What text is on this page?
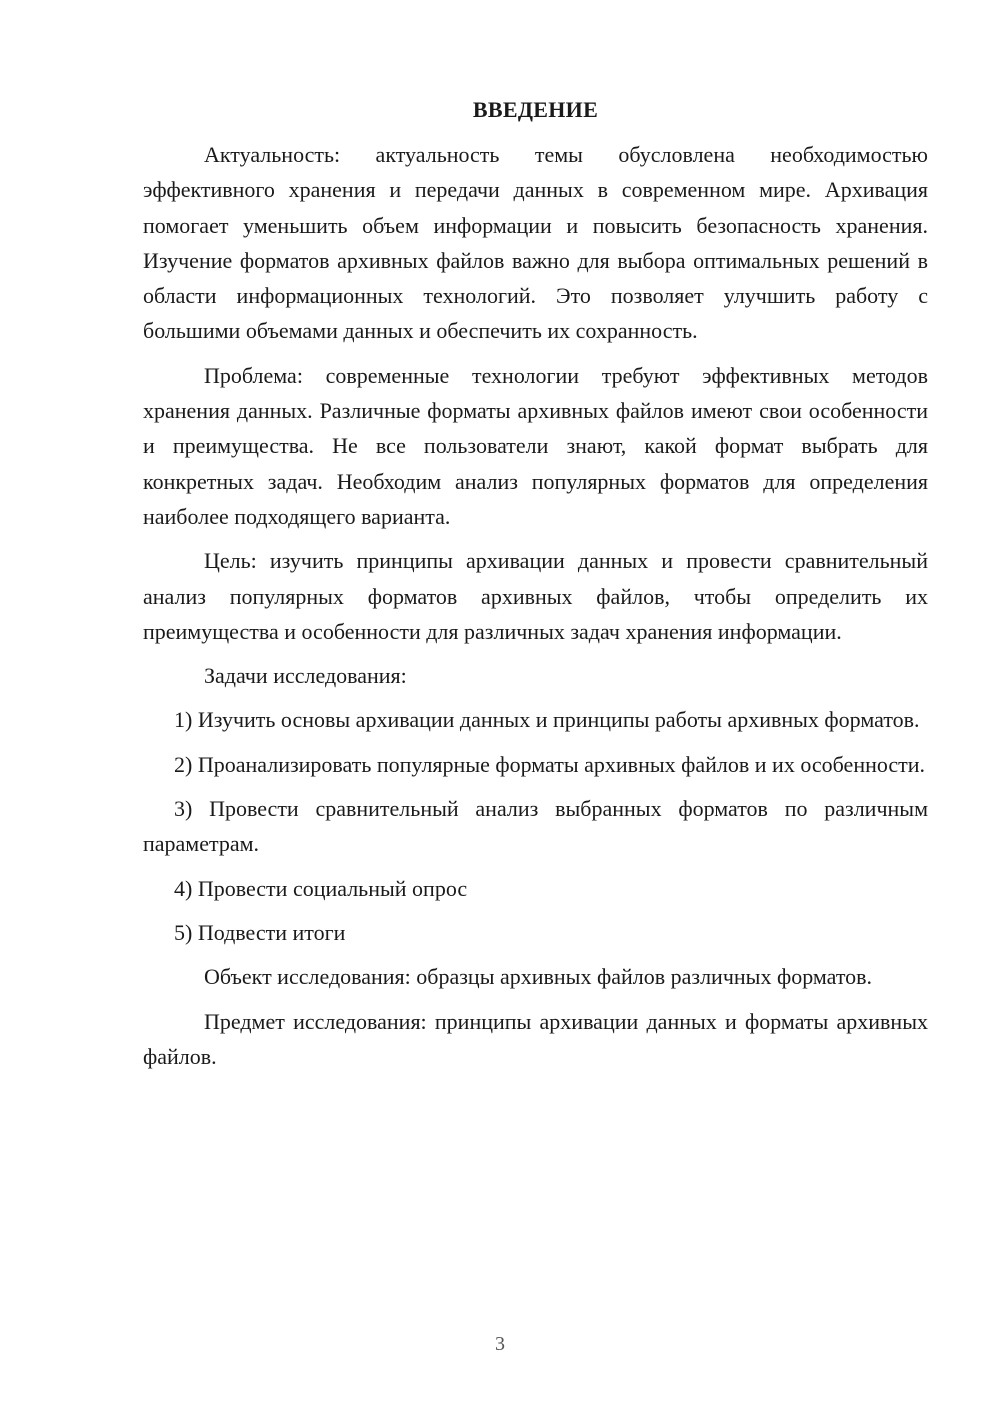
ВВЕДЕНИЕ

Актуальность: актуальность темы обусловлена необходимостью эффективного хранения и передачи данных в современном мире. Архивация помогает уменьшить объем информации и повысить безопасность хранения. Изучение форматов архивных файлов важно для выбора оптимальных решений в области информационных технологий. Это позволяет улучшить работу с большими объемами данных и обеспечить их сохранность.

Проблема: современные технологии требуют эффективных методов хранения данных. Различные форматы архивных файлов имеют свои особенности и преимущества. Не все пользователи знают, какой формат выбрать для конкретных задач. Необходим анализ популярных форматов для определения наиболее подходящего варианта.

Цель: изучить принципы архивации данных и провести сравнительный анализ популярных форматов архивных файлов, чтобы определить их преимущества и особенности для различных задач хранения информации.

Задачи исследования:

1) Изучить основы архивации данных и принципы работы архивных форматов.

2) Проанализировать популярные форматы архивных файлов и их особенности.

3) Провести сравнительный анализ выбранных форматов по различным параметрам.

4) Провести социальный опрос

5) Подвести итоги

Объект исследования: образцы архивных файлов различных форматов.

Предмет исследования: принципы архивации данных и форматы архивных файлов.

3
